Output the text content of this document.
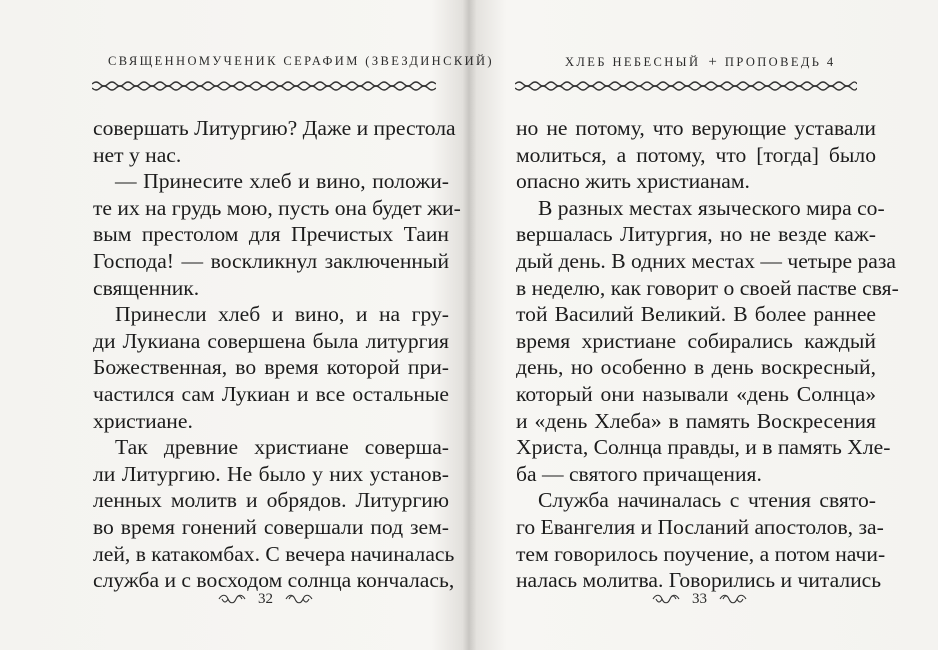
СВЯЩЕННОМУЧЕНИК СЕРАФИМ (ЗВЕЗДИНСКИЙ)
совершать Литургию? Даже и престола
нет у нас.
— Принесите хлеб и вино, положи-
те их на грудь мою, пусть она будет жи-
вым престолом для Пречистых Таин
Господа! — воскликнул заключенный
священник.
Принесли хлеб и вино, и на гру-
ди Лукиана совершена была литургия
Божественная, во время которой при-
частился сам Лукиан и все остальные
христиане.
Так древние христиане соверша-
ли Литургию. Не было у них установ-
ленных молитв и обрядов. Литургию
во время гонений совершали под зем-
лей, в катакомбах. С вечера начиналась
служба и с восходом солнца кончалась,
32
ХЛЕБ НЕБЕСНЫЙ + ПРОПОВЕДЬ 4
но не потому, что верующие уставали
молиться, а потому, что [тогда] было
опасно жить христианам.
В разных местах языческого мира со-
вершалась Литургия, но не везде каж-
дый день. В одних местах — четыре раза
в неделю, как говорит о своей пастве свя-
той Василий Великий. В более раннее
время христиане собирались каждый
день, но особенно в день воскресный,
который они называли «день Солнца»
и «день Хлеба» в память Воскресения
Христа, Солнца правды, и в память Хле-
ба — святого причащения.
Служба начиналась с чтения свято-
го Евангелия и Посланий апостолов, за-
тем говорилось поучение, а потом начи-
налась молитва. Говорились и читались
33
